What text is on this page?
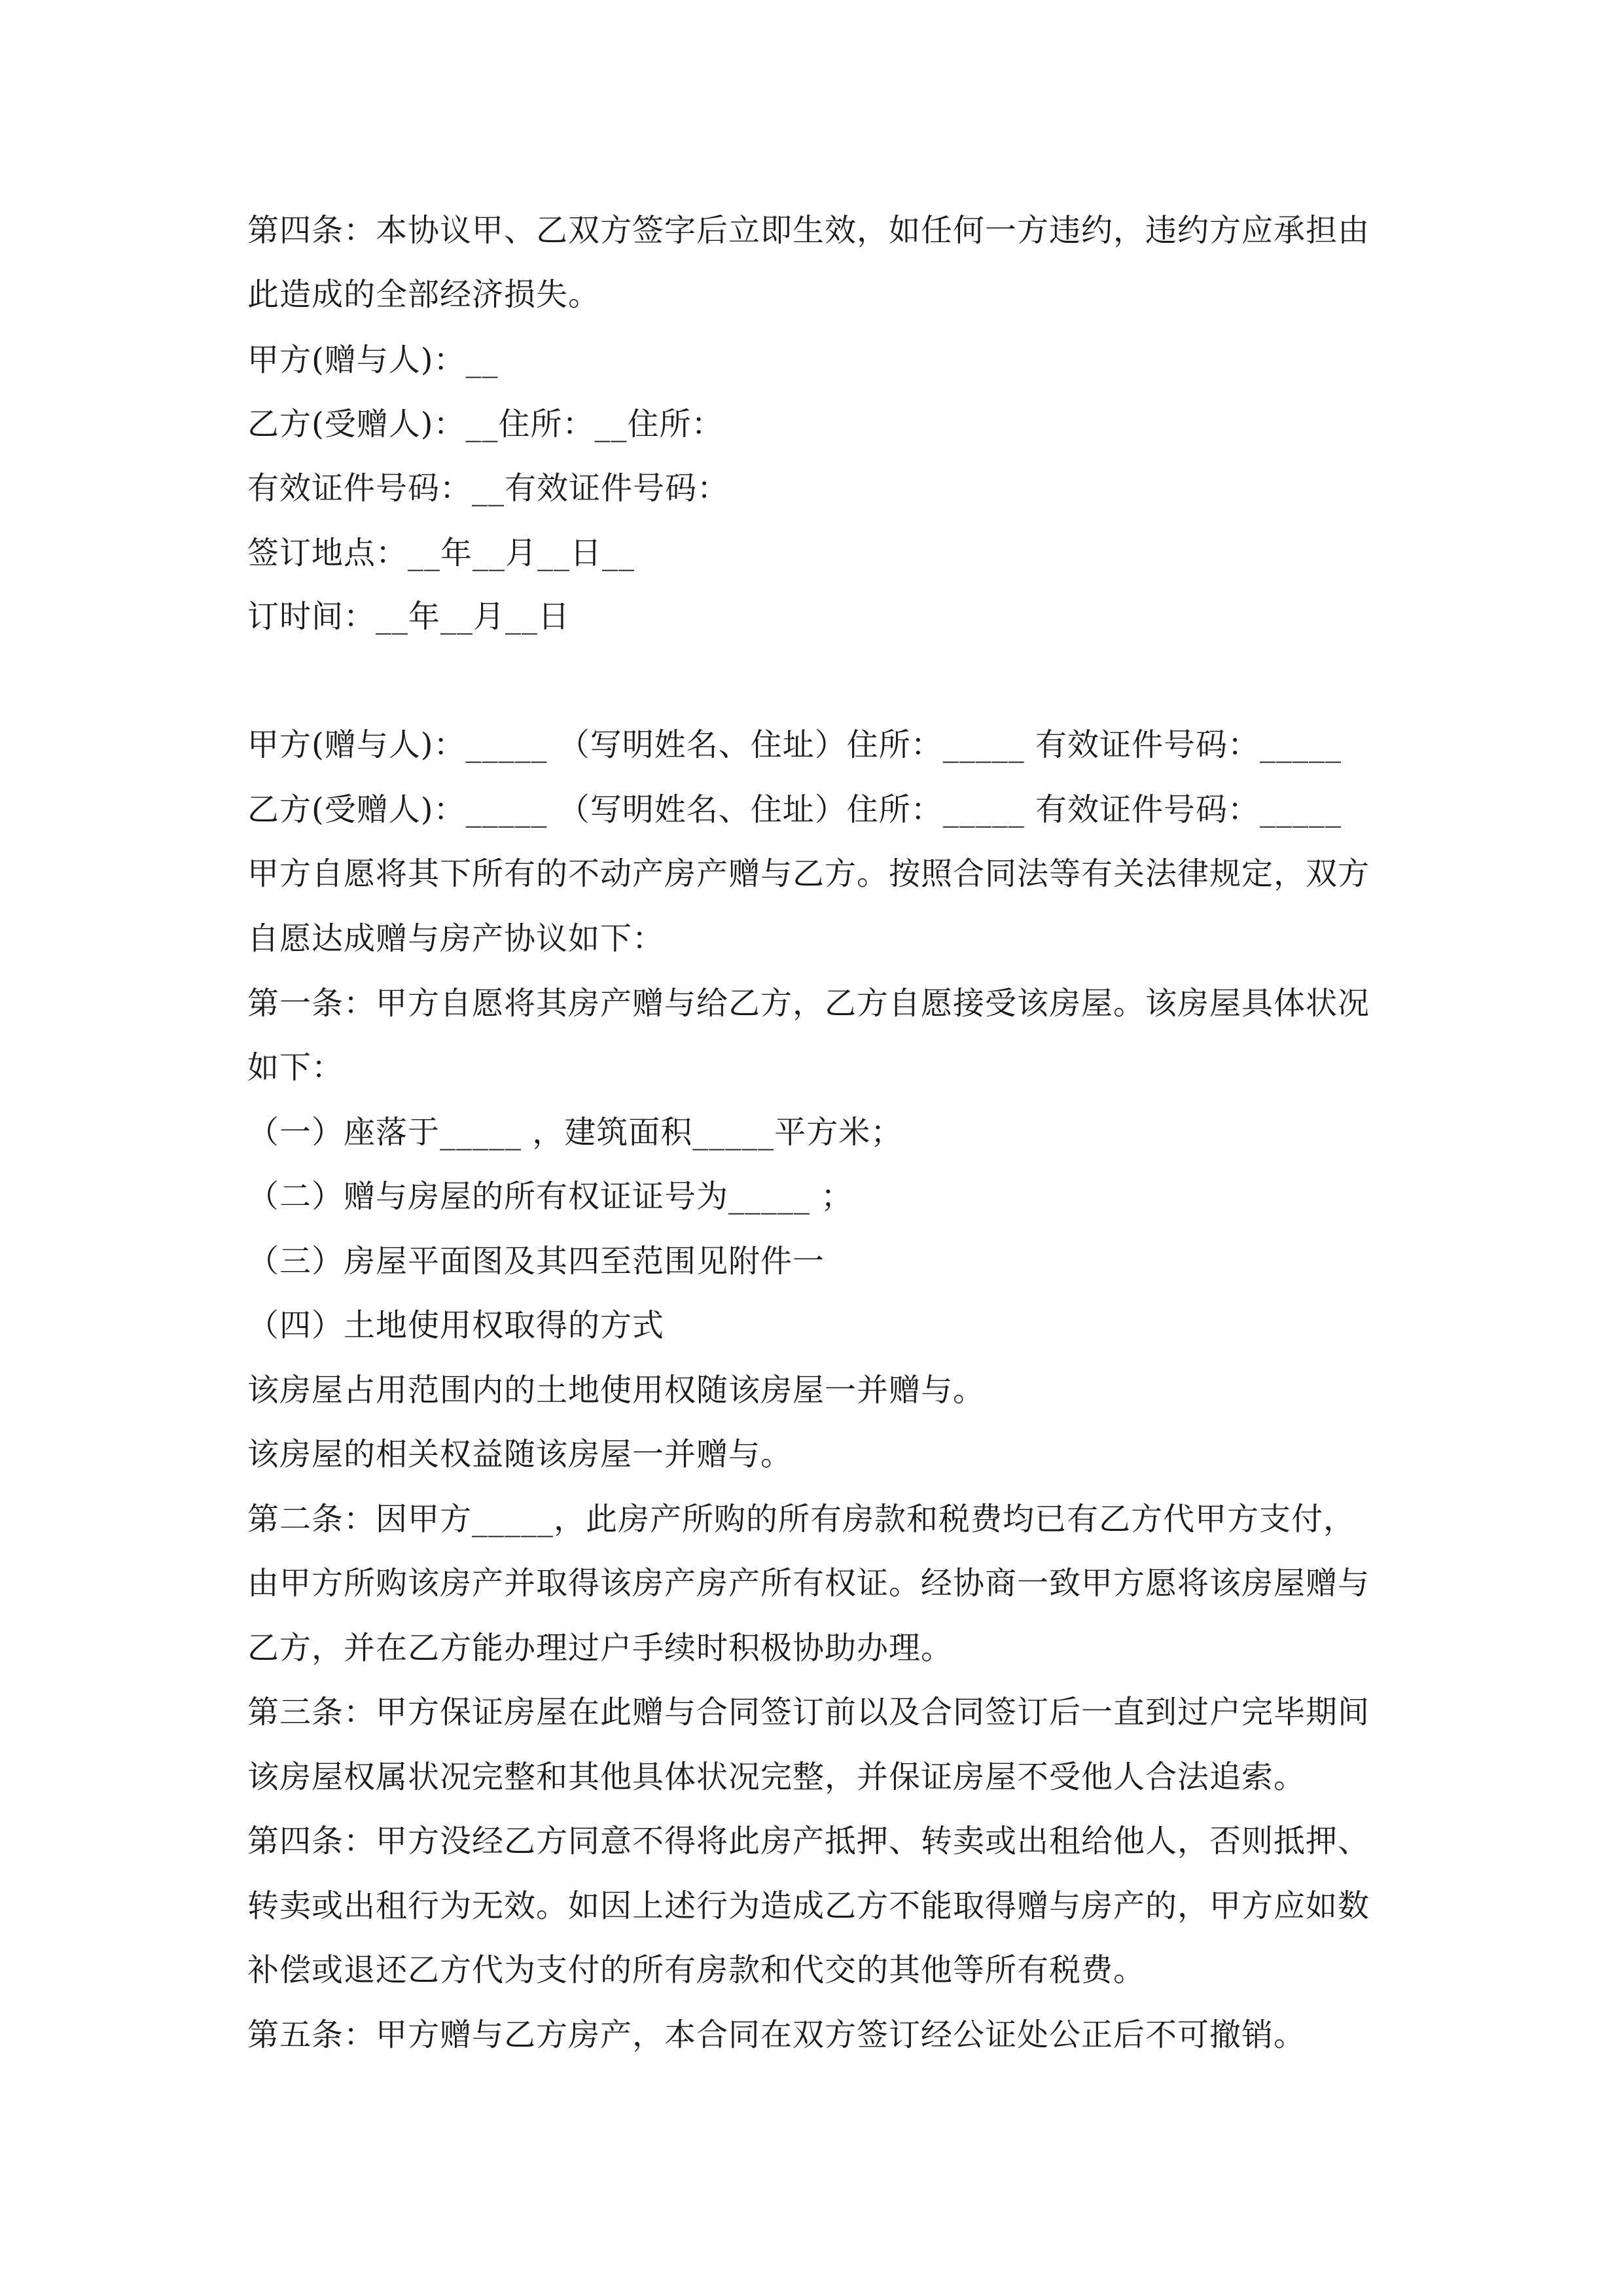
第四条：本协议甲、乙双方签字后立即生效，如任何一方违约，违约方应承担由
此造成的全部经济损失。
甲方(赠与人)：__
乙方(受赠人)：__住所：__住所：
有效证件号码：__有效证件号码：
签订地点：__年__月__日__
订时间：__年__月__日
甲方(赠与人)：_____ （写明姓名、住址）住所：_____ 有效证件号码：_____
乙方(受赠人)：_____ （写明姓名、住址）住所：_____ 有效证件号码：_____
甲方自愿将其下所有的不动产房产赠与乙方。按照合同法等有关法律规定，双方
自愿达成赠与房产协议如下：
第一条：甲方自愿将其房产赠与给乙方，乙方自愿接受该房屋。该房屋具体状况
如下：
（一）座落于_____ ，建筑面积_____平方米；
（二）赠与房屋的所有权证证号为_____ ；
（三）房屋平面图及其四至范围见附件一
（四）土地使用权取得的方式
该房屋占用范围内的土地使用权随该房屋一并赠与。
该房屋的相关权益随该房屋一并赠与。
第二条：因甲方_____，此房产所购的所有房款和税费均已有乙方代甲方支付，
由甲方所购该房产并取得该房产房产所有权证。经协商一致甲方愿将该房屋赠与
乙方，并在乙方能办理过户手续时积极协助办理。
第三条：甲方保证房屋在此赠与合同签订前以及合同签订后一直到过户完毕期间
该房屋权属状况完整和其他具体状况完整，并保证房屋不受他人合法追索。
第四条：甲方没经乙方同意不得将此房产抵押、转卖或出租给他人，否则抵押、
转卖或出租行为无效。如因上述行为造成乙方不能取得赠与房产的，甲方应如数
补偿或退还乙方代为支付的所有房款和代交的其他等所有税费。
第五条：甲方赠与乙方房产，本合同在双方签订经公证处公正后不可撤销。
